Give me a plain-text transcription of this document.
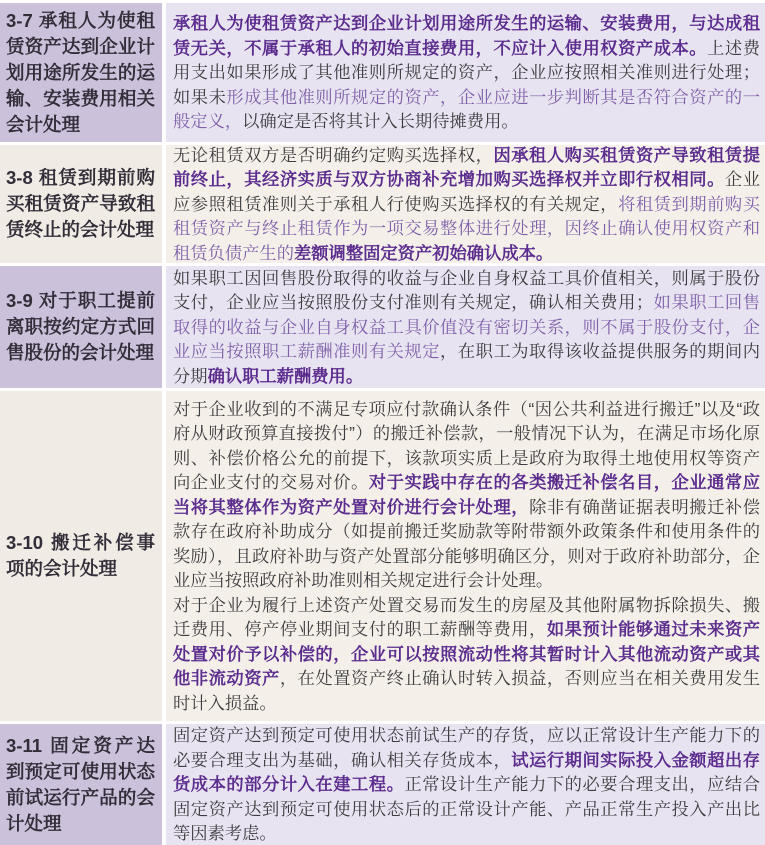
3-7 承租人为使租赁资产达到企业计划用途所发生的运输、安装费用相关会计处理

承租人为使租赁资产达到企业计划用途所发生的运输、安装费用，与达成租赁无关，不属于承租人的初始直接费用，不应计入使用权资产成本。上述费用支出如果形成了其他准则所规定的资产，企业应按照相关准则进行处理；如果未形成其他准则所规定的资产，企业应进一步判断其是否符合资产的一般定义，以确定是否将其计入长期待摊费用。

3-8 租赁到期前购买租赁资产导致租赁终止的会计处理

无论租赁双方是否明确约定购买选择权，因承租人购买租赁资产导致租赁提前终止，其经济实质与双方协商补充增加购买选择权并立即行权相同。企业应参照租赁准则关于承租人行使购买选择权的有关规定，将租赁到期前购买租赁资产与终止租赁作为一项交易整体进行处理，因终止确认使用权资产和租赁负债产生的差额调整固定资产初始确认成本。

3-9 对于职工提前离职按约定方式回售股份的会计处理

如果职工因回售股份取得的收益与企业自身权益工具价值相关，则属于股份支付，企业应当按照股份支付准则有关规定，确认相关费用；如果职工回售取得的收益与企业自身权益工具价值没有密切关系，则不属于股份支付，企业应当按照职工薪酬准则有关规定，在职工为取得该收益提供服务的期间内分期确认职工薪酬费用。

3-10 搬迁补偿事项的会计处理

对于企业收到的不满足专项应付款确认条件（“因公共利益进行搬迁”以及“政府从财政预算直接拨付”）的搬迁补偿款，一般情况下认为，在满足市场化原则、补偿价格公允的前提下，该款项实质上是政府为取得土地使用权等资产向企业支付的交易对价。对于实践中存在的各类搬迁补偿名目，企业通常应当将其整体作为资产处置对价进行会计处理，除非有确凿证据表明搬迁补偿款存在政府补助成分（如提前搬迁奖励款等附带额外政策条件和使用条件的奖励），且政府补助与资产处置部分能够明确区分，则对于政府补助部分，企业应当按照政府补助准则相关规定进行会计处理。

对于企业为履行上述资产处置交易而发生的房屋及其他附属物拆除损失、搬迁费用、停产停业期间支付的职工薪酬等费用，如果预计能够通过未来资产处置对价予以补偿的，企业可以按照流动性将其暂时计入其他流动资产或其他非流动资产，在处置资产终止确认时转入损益，否则应当在相关费用发生时计入损益。

3-11 固定资产达到预定可使用状态前试运行产品的会计处理

固定资产达到预定可使用状态前试生产的存货，应以正常设计生产能力下的必要合理支出为基础，确认相关存货成本，试运行期间实际投入金额超出存货成本的部分计入在建工程。正常设计生产能力下的必要合理支出，应结合固定资产达到预定可使用状态后的正常设计产能、产品正常生产投入产出比等因素考虑。
